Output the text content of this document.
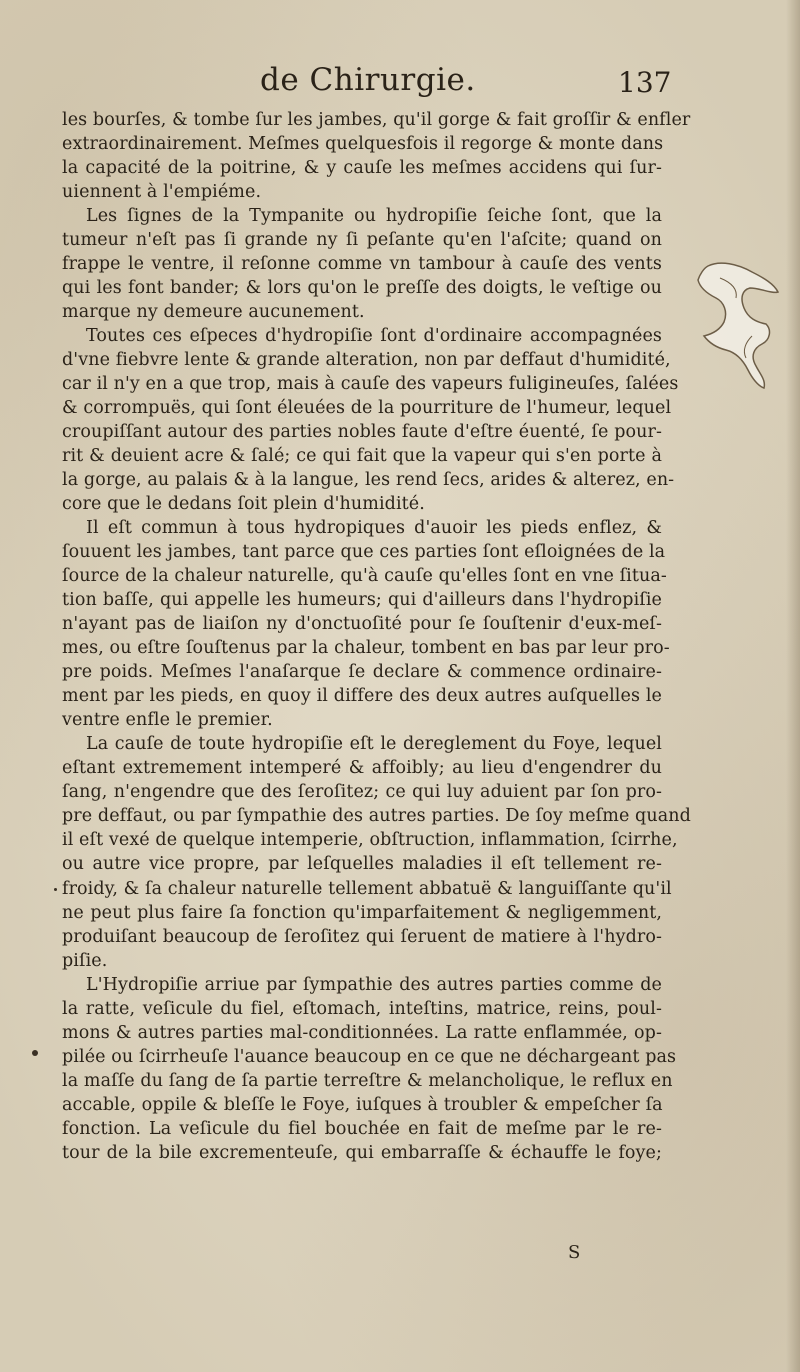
de Chirurgie.	137
les bourſes, & tombe ſur les jambes, qu'il gorge & fait groſſir & enfler
extraordinairement. Meſmes quelquesfois il regorge & monte dans
la capacité de la poitrine, & y cauſe les meſmes accidens qui ſur-
uiennent à l'empiéme.
Les ſignes de la Tympanite ou hydropiſie ſeiche ſont, que la
tumeur n'eſt pas ſi grande ny ſi peſante qu'en l'aſcite; quand on
frappe le ventre, il reſonne comme vn tambour à cauſe des vents
qui les font bander; & lors qu'on le preſſe des doigts, le veſtige ou
marque ny demeure aucunement.
Toutes ces eſpeces d'hydropiſie ſont d'ordinaire accompagnées
d'vne fiebvre lente & grande alteration, non par deffaut d'humidité,
car il n'y en a que trop, mais à cauſe des vapeurs fuligineuſes, ſalées
& corrompuës, qui ſont éleuées de la pourriture de l'humeur, lequel
croupiſſant autour des parties nobles faute d'eſtre éuenté, ſe pour-
rit & deuient acre & ſalé; ce qui fait que la vapeur qui s'en porte à
la gorge, au palais & à la langue, les rend ſecs, arides & alterez, en-
core que le dedans ſoit plein d'humidité.
Il eſt commun à tous hydropiques d'auoir les pieds enflez, &
ſouuent les jambes, tant parce que ces parties ſont eſloignées de la
ſource de la chaleur naturelle, qu'à cauſe qu'elles ſont en vne ſitua-
tion baſſe, qui appelle les humeurs; qui d'ailleurs dans l'hydropiſie
n'ayant pas de liaiſon ny d'onctuoſité pour ſe ſouſtenir d'eux-meſ-
mes, ou eſtre ſouſtenus par la chaleur, tombent en bas par leur pro-
pre poids. Meſmes l'anaſarque ſe declare & commence ordinaire-
ment par les pieds, en quoy il differe des deux autres auſquelles le
ventre enfle le premier.
La cauſe de toute hydropiſie eſt le dereglement du Foye, lequel
eſtant extremement intemperé & affoibly; au lieu d'engendrer du
ſang, n'engendre que des ſeroſitez; ce qui luy aduient par ſon pro-
pre deffaut, ou par ſympathie des autres parties. De ſoy meſme quand
il eſt vexé de quelque intemperie, obſtruction, inflammation, ſcirrhe,
ou autre vice propre, par leſquelles maladies il eſt tellement re-
froidy, & ſa chaleur naturelle tellement abbatuë & languiſſante qu'il
ne peut plus faire ſa fonction qu'imparfaitement & negligemment,
produiſant beaucoup de ſeroſitez qui ſeruent de matiere à l'hydro-
piſie.
L'Hydropiſie arriue par ſympathie des autres parties comme de
la ratte, veſicule du fiel, eſtomach, inteſtins, matrice, reins, poul-
mons & autres parties mal-conditionnées. La ratte enflammée, op-
pilée ou ſcirrheuſe l'auance beaucoup en ce que ne déchargeant pas
la maſſe du ſang de ſa partie terreſtre & melancholique, le reflux en
accable, oppile & bleſſe le Foye, iuſques à troubler & empeſcher ſa
fonction. La veſicule du fiel bouchée en fait de meſme par le re-
tour de la bile excrementeuſe, qui embarraſſe & échauffe le foye;
S
